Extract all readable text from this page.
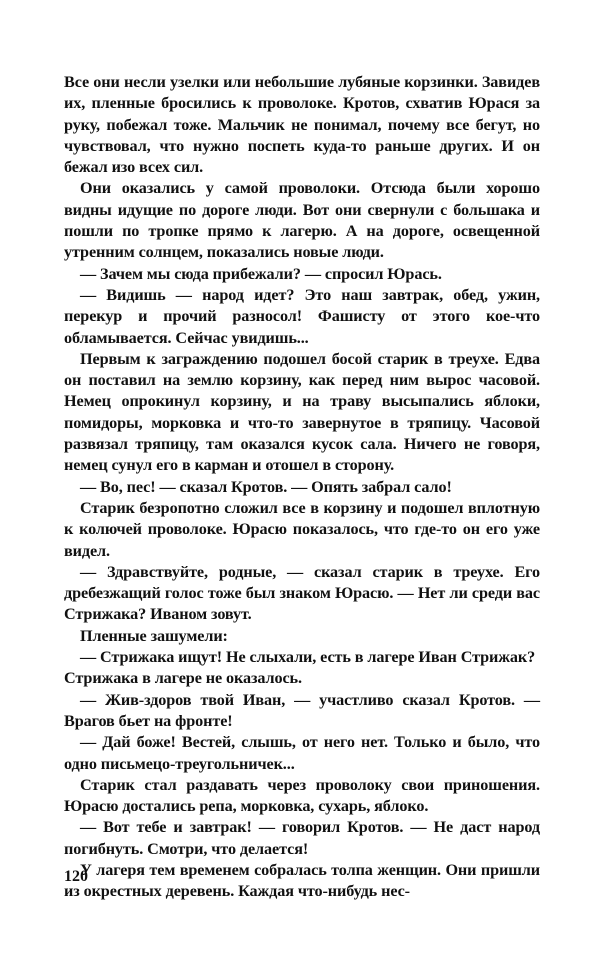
Все они несли узелки или небольшие лубяные корзинки. Завидев их, пленные бросились к проволоке. Кротов, схватив Юрася за руку, побежал тоже. Мальчик не понимал, почему все бегут, но чувствовал, что нужно поспеть куда-то раньше других. И он бежал изо всех сил.

Они оказались у самой проволоки. Отсюда были хорошо видны идущие по дороге люди. Вот они свернули с большака и пошли по тропке прямо к лагерю. А на дороге, освещенной утренним солнцем, показались новые люди.

— Зачем мы сюда прибежали? — спросил Юрась.

— Видишь — народ идет? Это наш завтрак, обед, ужин, перекур и прочий разносол! Фашисту от этого кое-что обламывается. Сейчас увидишь...

Первым к заграждению подошел босой старик в треухе. Едва он поставил на землю корзину, как перед ним вырос часовой. Немец опрокинул корзину, и на траву высыпались яблоки, помидоры, морковка и что-то завернутое в тряпицу. Часовой развязал тряпицу, там оказался кусок сала. Ничего не говоря, немец сунул его в карман и отошел в сторону.

— Во, пес! — сказал Кротов. — Опять забрал сало!

Старик безропотно сложил все в корзину и подошел вплотную к колючей проволоке. Юрасю показалось, что где-то он его уже видел.

— Здравствуйте, родные, — сказал старик в треухе. Его дребезжащий голос тоже был знаком Юрасю. — Нет ли среди вас Стрижака? Иваном зовут.

Пленные зашумели:

— Стрижака ищут! Не слыхали, есть в лагере Иван Стрижак?

Стрижака в лагере не оказалось.

— Жив-здоров твой Иван, — участливо сказал Кротов. — Врагов бьет на фронте!

— Дай боже! Вестей, слышь, от него нет. Только и было, что одно письмецо-треугольничек...

Старик стал раздавать через проволоку свои приношения. Юрасю достались репа, морковка, сухарь, яблоко.

— Вот тебе и завтрак! — говорил Кротов. — Не даст народ погибнуть. Смотри, что делается!

У лагеря тем временем собралась толпа женщин. Они пришли из окрестных деревень. Каждая что-нибудь нес-

120
